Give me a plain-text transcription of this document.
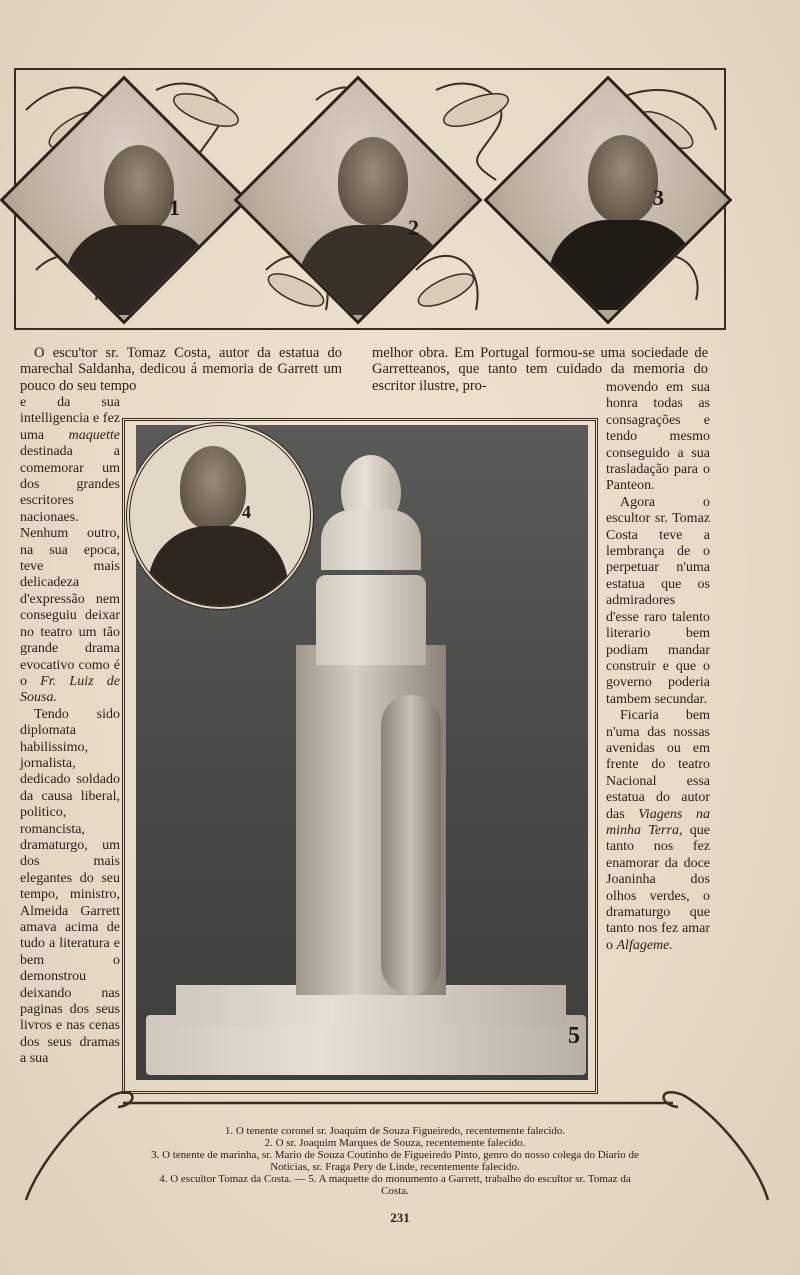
1
2
3

O escu'tor sr. Tomaz Costa, autor da estatua do marechal Saldanha, dedicou á memoria de Garrett um pouco do seu tempo

e da sua intelligencia e fez uma maquette destinada a comemorar um dos grandes escritores nacionaes. Nenhum outro, na sua epoca, teve mais delicadeza d'expressão nem conseguiu deixar no teatro um tão grande drama evocativo como é o Fr. Luiz de Sousa.

Tendo sido diplomata habilissimo, jornalista, dedicado soldado da causa liberal, politico, romancista, dramaturgo, um dos mais elegantes do seu tempo, ministro, Almeida Garrett amava acima de tudo a literatura e bem o demonstrou deixando nas paginas dos seus livros e nas cenas dos seus dramas a sua

melhor obra. Em Portugal formou-se uma sociedade de Garretteanos, que tanto tem cuidado da memoria do escritor ilustre, pro-	movendo em sua honra todas as consagrações e tendo mesmo conseguido a sua trasladação para o Panteon.

Agora o escultor sr. Tomaz Costa teve a lembrança de o perpetuar n'uma estatua que os admiradores d'esse raro talento literario bem podiam mandar construir e que o governo poderia tambem secundar.

Ficaria bem n'uma das nossas avenidas ou em frente do teatro Nacional essa estatua do autor das Viagens na minha Terra, que tanto nos fez enamorar da doce Joaninha dos olhos verdes, o dramaturgo que tanto nos fez amar o Alfageme.

5
4
1. O tenente coronel sr. Joaquim de Souza Figueiredo, recentemente falecido.
2. O sr. Joaquim Marques de Souza, recentemente falecido.
3. O tenente de marinha, sr. Mario de Souza Coutinho de Figueiredo Pinto, genro do nosso colega do Diario de Noticias, sr. Fraga Pery de Linde, recentemente falecido.
4. O escultor Tomaz da Costa. — 5. A maquette do monumento a Garrett, trabalho do escultor sr. Tomaz da Costa.
231
